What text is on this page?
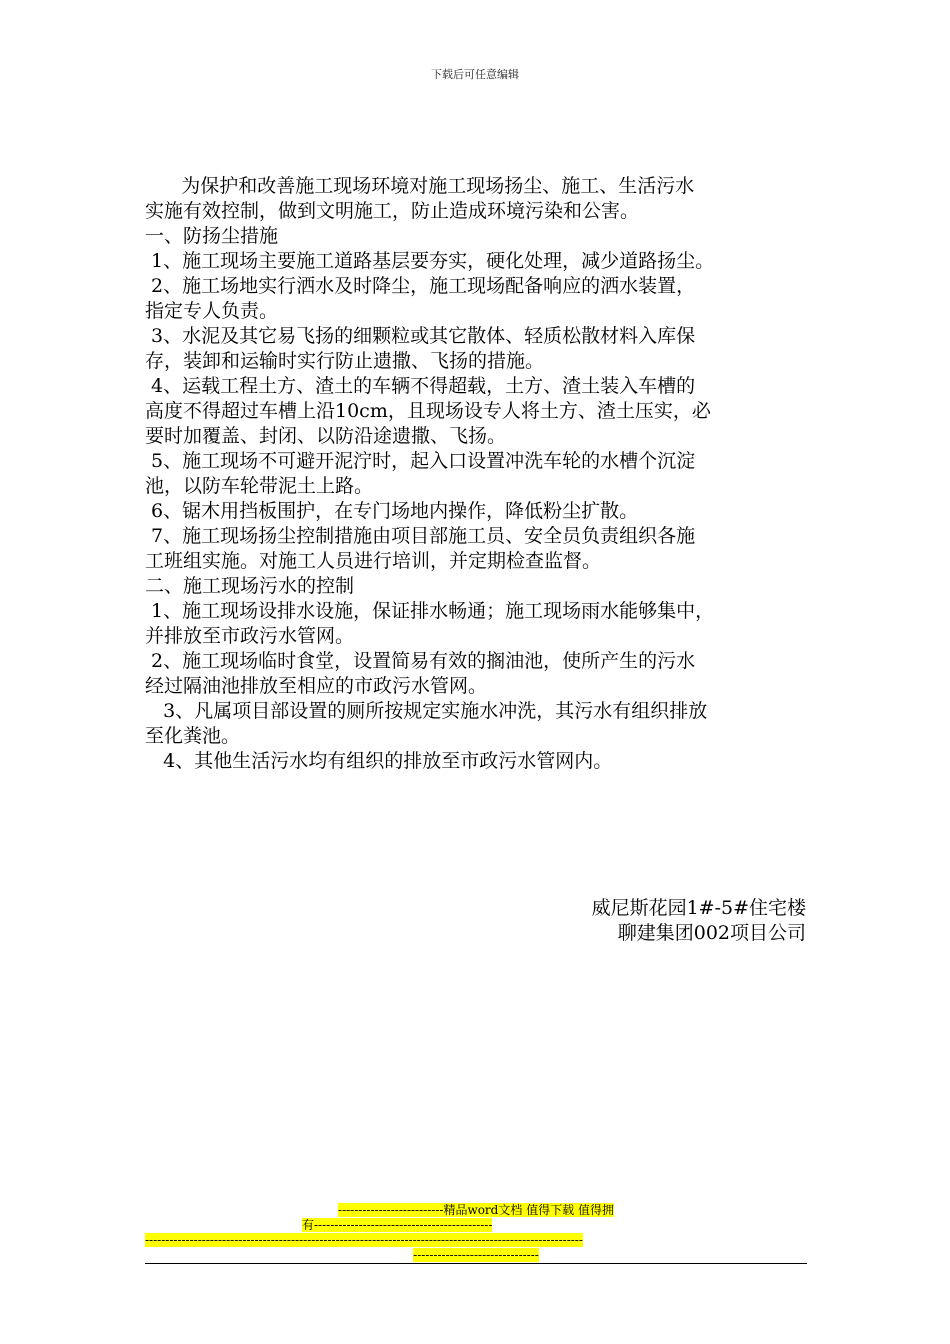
下载后可任意编辑
为保护和改善施工现场环境对施工现场扬尘、施工、生活污水
实施有效控制，做到文明施工，防止造成环境污染和公害。
一、防扬尘措施
1、施工现场主要施工道路基层要夯实，硬化处理，减少道路扬尘。
2、施工场地实行洒水及时降尘，施工现场配备响应的洒水装置，
指定专人负责。
3、水泥及其它易飞扬的细颗粒或其它散体、轻质松散材料入库保
存，装卸和运输时实行防止遗撒、飞扬的措施。
4、运载工程土方、渣土的车辆不得超载，土方、渣土装入车槽的
高度不得超过车槽上沿10cm，且现场设专人将土方、渣土压实，必
要时加覆盖、封闭、以防沿途遗撒、飞扬。
5、施工现场不可避开泥泞时，起入口设置冲洗车轮的水槽个沉淀
池，以防车轮带泥土上路。
6、锯木用挡板围护，在专门场地内操作，降低粉尘扩散。
7、施工现场扬尘控制措施由项目部施工员、安全员负责组织各施
工班组实施。对施工人员进行培训，并定期检查监督。
二、施工现场污水的控制
1、施工现场设排水设施，保证排水畅通；施工现场雨水能够集中，
并排放至市政污水管网。
2、施工现场临时食堂，设置简易有效的搁油池，使所产生的污水
经过隔油池排放至相应的市政污水管网。
3、凡属项目部设置的厕所按规定实施水冲洗，其污水有组织排放
至化粪池。
4、其他生活污水均有组织的排放至市政污水管网内。
威尼斯花园1#-5#住宅楼
聊建集团002项目公司
--------------------------精品word文档 值得下载 值得拥
有--------------------------------------------
------------------------------------------------------------------------------------------------------------
-------------------------------
